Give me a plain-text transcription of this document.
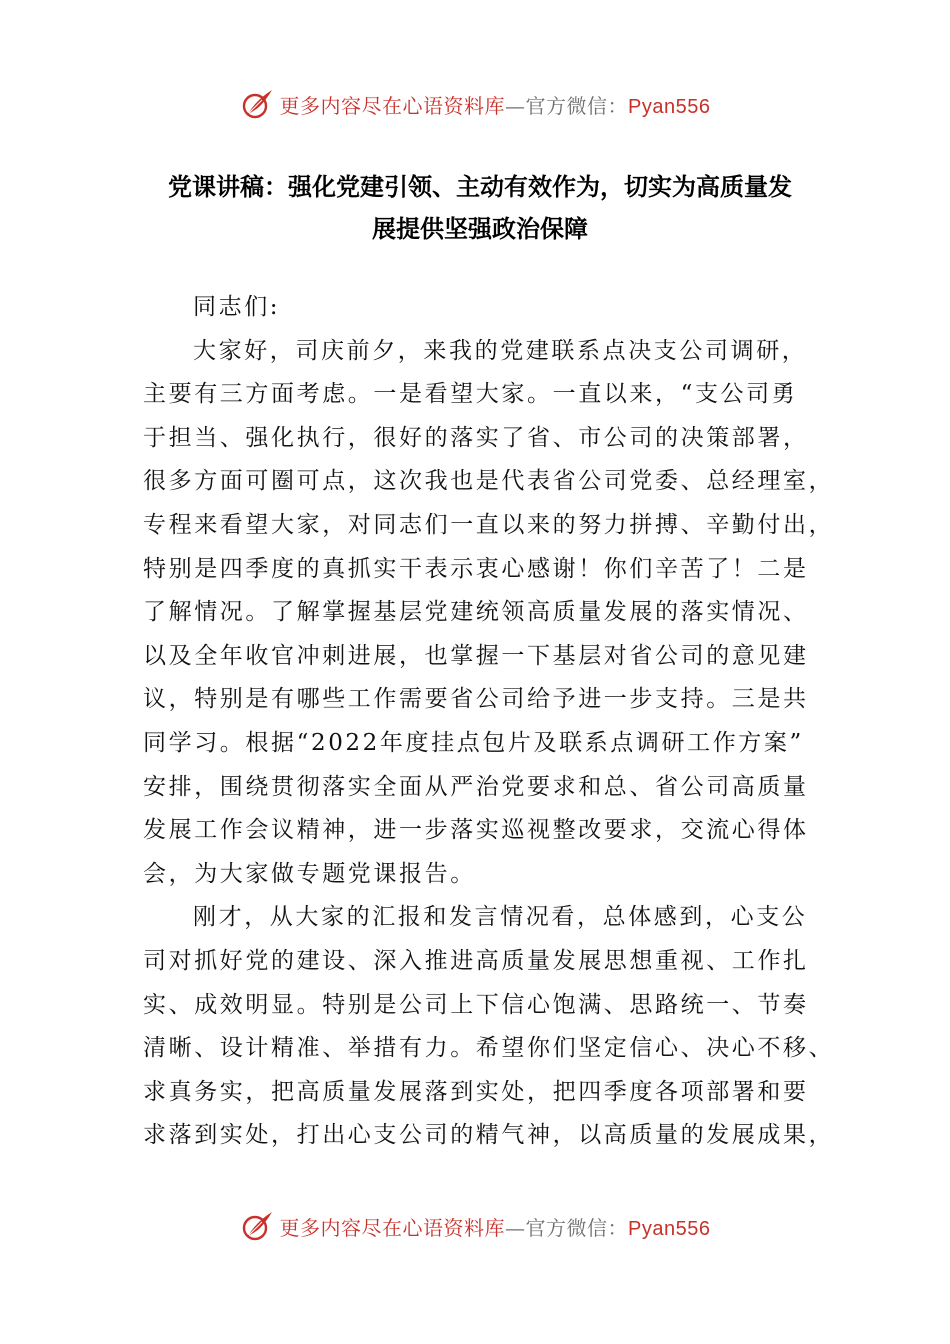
更多内容尽在心语资料库—官方微信：Pyan556
党课讲稿：强化党建引领、主动有效作为，切实为高质量发
展提供坚强政治保障
同志们:
大家好，司庆前夕，来我的党建联系点决支公司调研，
主要有三方面考虑。一是看望大家。一直以来，“支公司勇
于担当、强化执行，很好的落实了省、市公司的决策部署，
很多方面可圈可点，这次我也是代表省公司党委、总经理室，
专程来看望大家，对同志们一直以来的努力拼搏、辛勤付出，
特别是四季度的真抓实干表示衷心感谢！你们辛苦了！二是
了解情况。了解掌握基层党建统领高质量发展的落实情况、
以及全年收官冲刺进展，也掌握一下基层对省公司的意见建
议，特别是有哪些工作需要省公司给予进一步支持。三是共
同学习。根据“2022年度挂点包片及联系点调研工作方案”
安排，围绕贯彻落实全面从严治党要求和总、省公司高质量
发展工作会议精神，进一步落实巡视整改要求，交流心得体
会，为大家做专题党课报告。
刚才，从大家的汇报和发言情况看，总体感到，心支公
司对抓好党的建设、深入推进高质量发展思想重视、工作扎
实、成效明显。特别是公司上下信心饱满、思路统一、节奏
清晰、设计精准、举措有力。希望你们坚定信心、决心不移、
求真务实，把高质量发展落到实处，把四季度各项部署和要
求落到实处，打出心支公司的精气神，以高质量的发展成果，
更多内容尽在心语资料库—官方微信：Pyan556
